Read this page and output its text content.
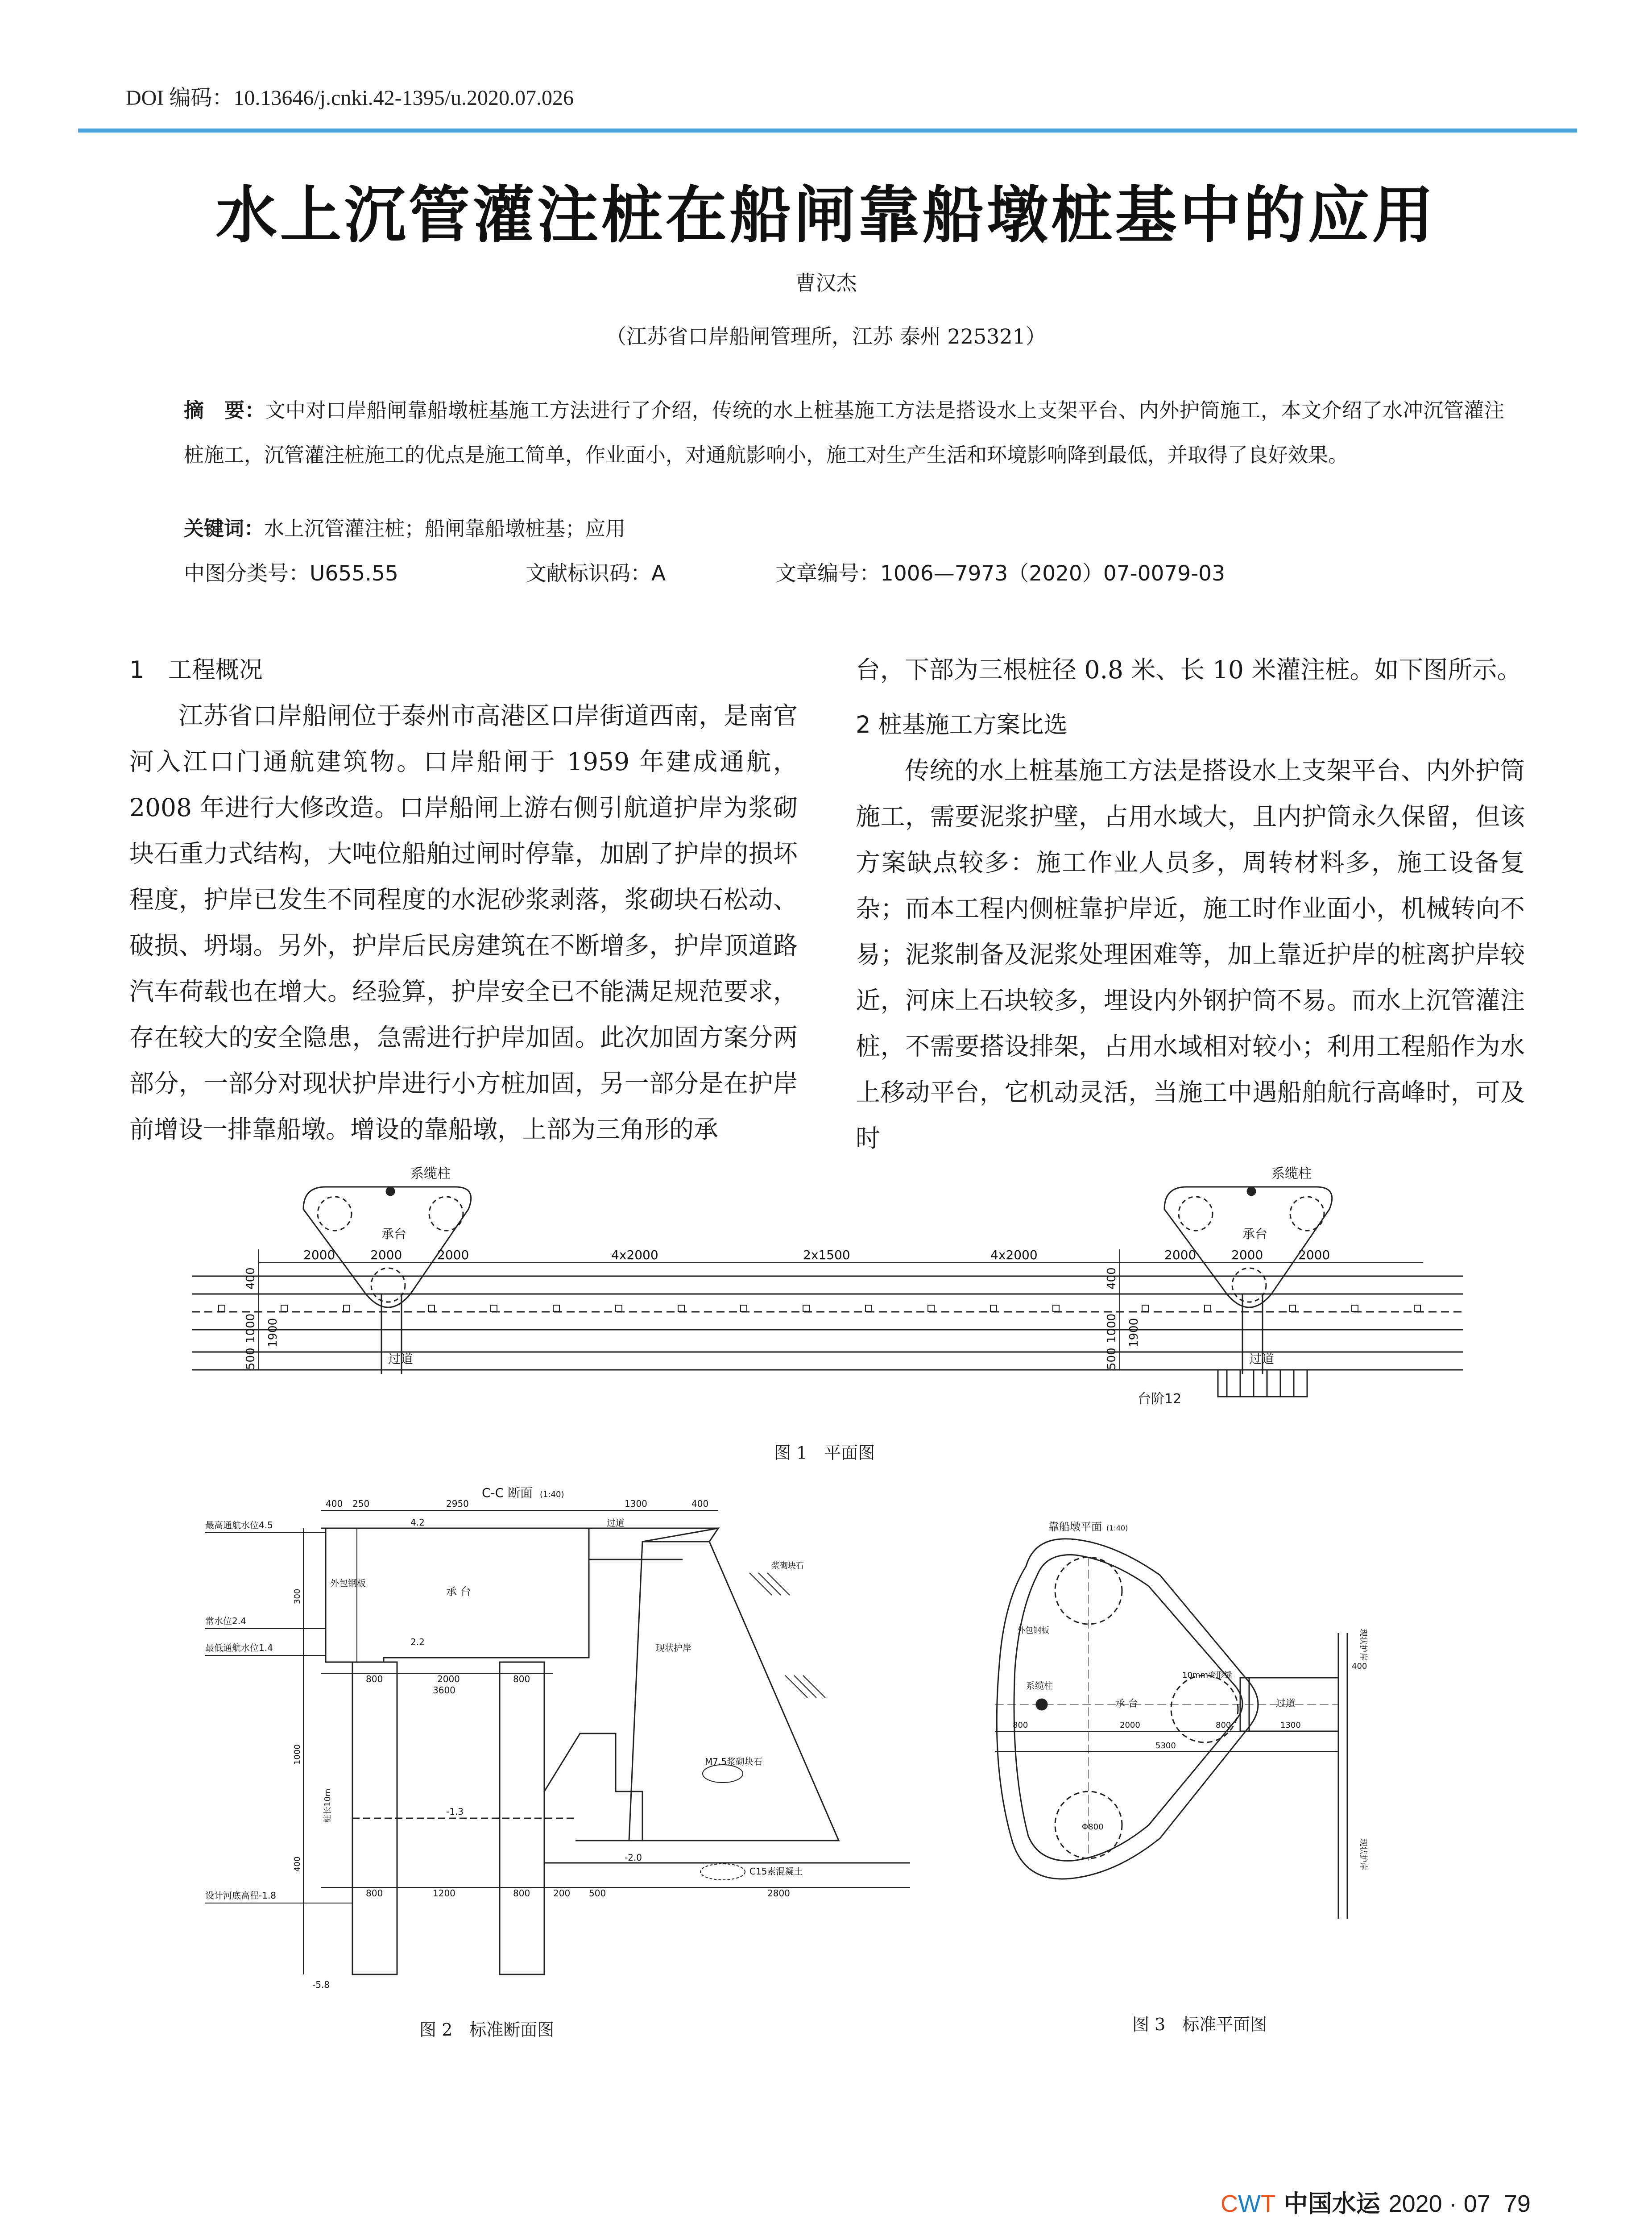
DOI 编码：10.13646/j.cnki.42-1395/u.2020.07.026
水上沉管灌注桩在船闸靠船墩桩基中的应用
曹汉杰
（江苏省口岸船闸管理所，江苏 泰州 225321）
摘　要：文中对口岸船闸靠船墩桩基施工方法进行了介绍，传统的水上桩基施工方法是搭设水上支架平台、内外护筒施工，本文介绍了水冲沉管灌注桩施工，沉管灌注桩施工的优点是施工简单，作业面小，对通航影响小，施工对生产生活和环境影响降到最低，并取得了良好效果。
关键词：水上沉管灌注桩；船闸靠船墩桩基；应用
中图分类号：U655.55	文献标识码：A	文章编号：1006—7973（2020）07-0079-03

1　工程概况

江苏省口岸船闸位于泰州市高港区口岸街道西南，是南官河入江口门通航建筑物。口岸船闸于 1959 年建成通航，2008 年进行大修改造。口岸船闸上游右侧引航道护岸为浆砌块石重力式结构，大吨位船舶过闸时停靠，加剧了护岸的损坏程度，护岸已发生不同程度的水泥砂浆剥落，浆砌块石松动、破损、坍塌。另外，护岸后民房建筑在不断增多，护岸顶道路汽车荷载也在增大。经验算，护岸安全已不能满足规范要求，存在较大的安全隐患，急需进行护岸加固。此次加固方案分两部分，一部分对现状护岸进行小方桩加固，另一部分是在护岸前增设一排靠船墩。增设的靠船墩，上部为三角形的承

台，下部为三根桩径 0.8 米、长 10 米灌注桩。如下图所示。

2 桩基施工方案比选

传统的水上桩基施工方法是搭设水上支架平台、内外护筒施工，需要泥浆护壁，占用水域大，且内护筒永久保留，但该方案缺点较多：施工作业人员多，周转材料多，施工设备复杂；而本工程内侧桩靠护岸近，施工时作业面小，机械转向不易；泥浆制备及泥浆处理困难等，加上靠近护岸的桩离护岸较近，河床上石块较多，埋设内外钢护筒不易。而水上沉管灌注桩，不需要搭设排架，占用水域相对较小；利用工程船作为水上移动平台，它机动灵活，当施工中遇船舶航行高峰时，可及时

系缆柱	系缆柱
承台	承台
过道	过道
台阶12
2000	2000	2000	4x2000	2x1500	4x2000	2000	2000	2000
400
500
1000 1900
500
1000 1900
400
图 1　平面图
C-C 断面 (1:40)
最高通航水位4.5
常水位2.4
最低通航水位1.4
设计河底高程-1.8
承 台
外包钢板
过道
现状护岸
M7.5浆砌块石
C15素混凝土
浆砌块石
400 250	2950	1300	400
800	2000	800
3600
800	1200	800	200 500	2800
4.2
2.2
-1.3
-2.0
-5.8
300
1000
400
桩长10m
图 2　标准断面图
靠船墩平面 (1:40)
系缆柱
承 台	过道
外包钢板
10mm变形缝
现状护岸
现状护岸
800	2000	800	1300
5300
400
Φ800
图 3　标准平面图
CWT 中国水运 2020 · 07 79
